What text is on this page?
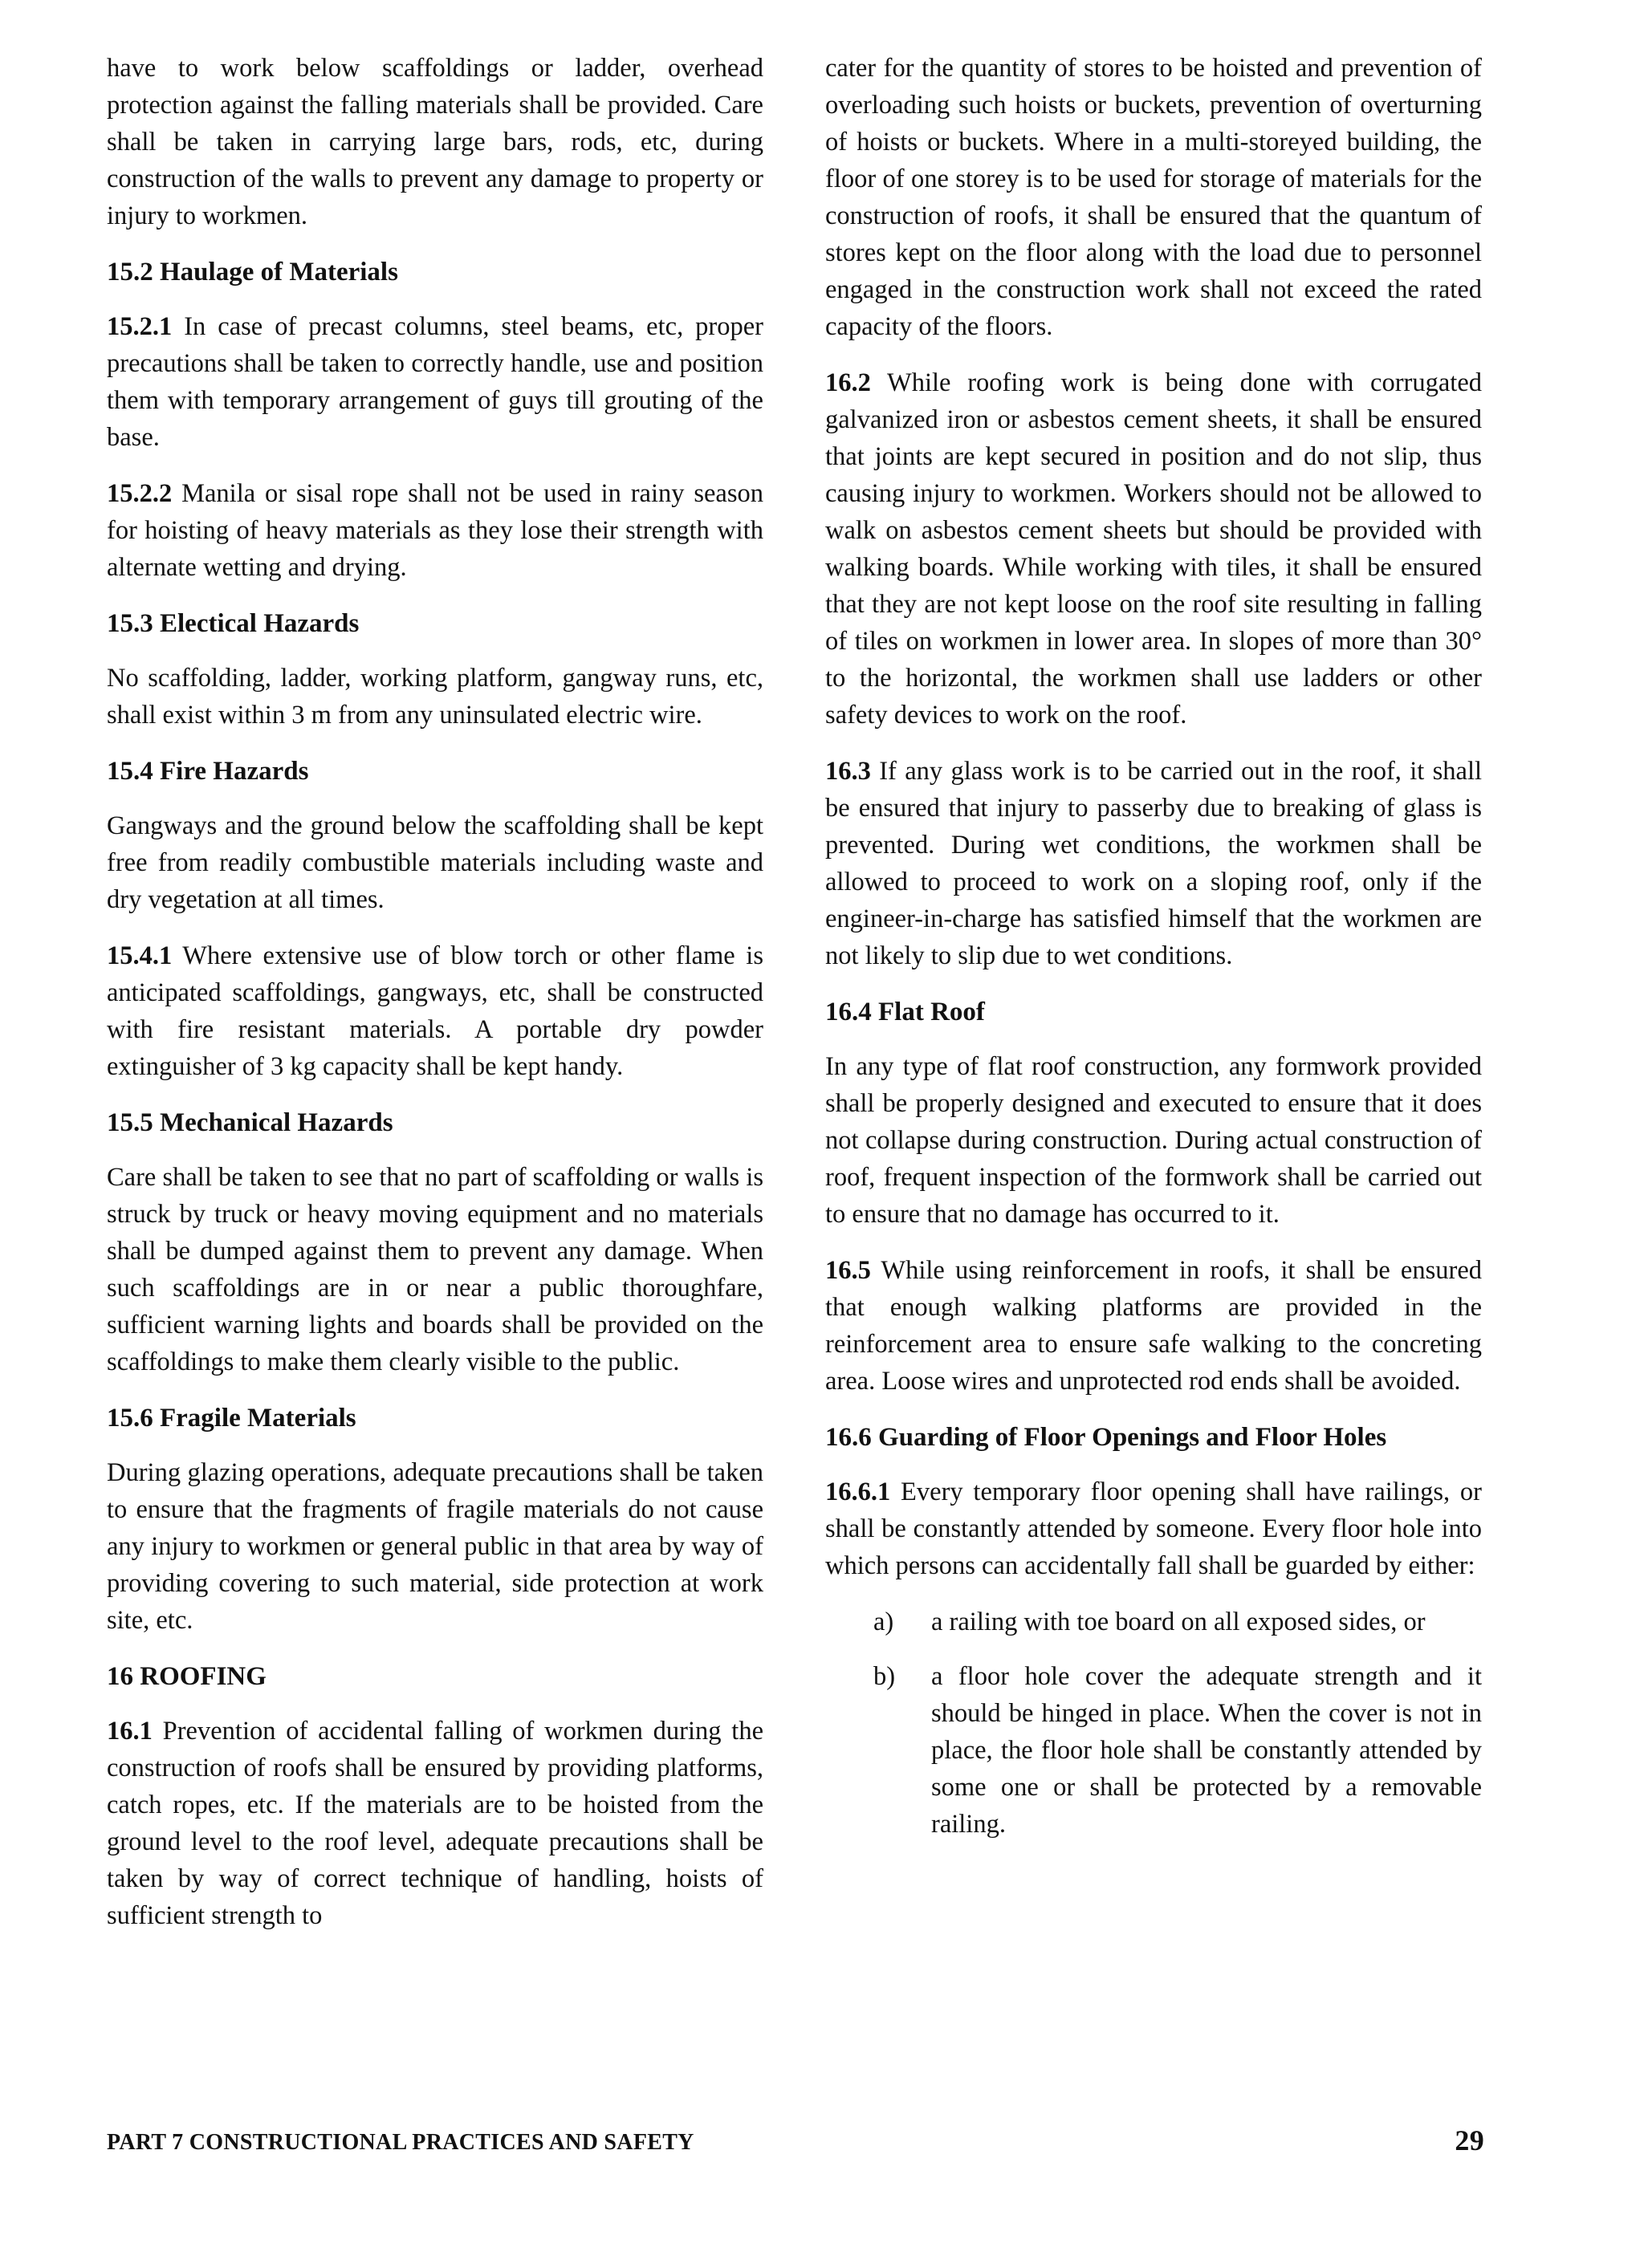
have to work below scaffoldings or ladder, overhead protection against the falling materials shall be provided. Care shall be taken in carrying large bars, rods, etc, during construction of the walls to prevent any damage to property or injury to workmen.

15.2 Haulage of Materials

15.2.1 In case of precast columns, steel beams, etc, proper precautions shall be taken to correctly handle, use and position them with temporary arrangement of guys till grouting of the base.

15.2.2 Manila or sisal rope shall not be used in rainy season for hoisting of heavy materials as they lose their strength with alternate wetting and drying.

15.3 Electical Hazards

No scaffolding, ladder, working platform, gangway runs, etc, shall exist within 3 m from any uninsulated electric wire.

15.4 Fire Hazards

Gangways and the ground below the scaffolding shall be kept free from readily combustible materials including waste and dry vegetation at all times.

15.4.1 Where extensive use of blow torch or other flame is anticipated scaffoldings, gangways, etc, shall be constructed with fire resistant materials. A portable dry powder extinguisher of 3 kg capacity shall be kept handy.

15.5 Mechanical Hazards

Care shall be taken to see that no part of scaffolding or walls is struck by truck or heavy moving equipment and no materials shall be dumped against them to prevent any damage. When such scaffoldings are in or near a public thoroughfare, sufficient warning lights and boards shall be provided on the scaffoldings to make them clearly visible to the public.

15.6 Fragile Materials

During glazing operations, adequate precautions shall be taken to ensure that the fragments of fragile materials do not cause any injury to workmen or general public in that area by way of providing covering to such material, side protection at work site, etc.

16 ROOFING

16.1 Prevention of accidental falling of workmen during the construction of roofs shall be ensured by providing platforms, catch ropes, etc. If the materials are to be hoisted from the ground level to the roof level, adequate precautions shall be taken by way of correct technique of handling, hoists of sufficient strength to

cater for the quantity of stores to be hoisted and prevention of overloading such hoists or buckets, prevention of overturning of hoists or buckets. Where in a multi-storeyed building, the floor of one storey is to be used for storage of materials for the construction of roofs, it shall be ensured that the quantum of stores kept on the floor along with the load due to personnel engaged in the construction work shall not exceed the rated capacity of the floors.

16.2 While roofing work is being done with corrugated galvanized iron or asbestos cement sheets, it shall be ensured that joints are kept secured in position and do not slip, thus causing injury to workmen. Workers should not be allowed to walk on asbestos cement sheets but should be provided with walking boards. While working with tiles, it shall be ensured that they are not kept loose on the roof site resulting in falling of tiles on workmen in lower area. In slopes of more than 30° to the horizontal, the workmen shall use ladders or other safety devices to work on the roof.

16.3 If any glass work is to be carried out in the roof, it shall be ensured that injury to passerby due to breaking of glass is prevented. During wet conditions, the workmen shall be allowed to proceed to work on a sloping roof, only if the engineer-in-charge has satisfied himself that the workmen are not likely to slip due to wet conditions.

16.4 Flat Roof

In any type of flat roof construction, any formwork provided shall be properly designed and executed to ensure that it does not collapse during construction. During actual construction of roof, frequent inspection of the formwork shall be carried out to ensure that no damage has occurred to it.

16.5 While using reinforcement in roofs, it shall be ensured that enough walking platforms are provided in the reinforcement area to ensure safe walking to the concreting area. Loose wires and unprotected rod ends shall be avoided.

16.6 Guarding of Floor Openings and Floor Holes

16.6.1 Every temporary floor opening shall have railings, or shall be constantly attended by someone. Every floor hole into which persons can accidentally fall shall be guarded by either:

a) a railing with toe board on all exposed sides, or
b) a floor hole cover the adequate strength and it should be hinged in place. When the cover is not in place, the floor hole shall be constantly attended by some one or shall be protected by a removable railing.
PART 7 CONSTRUCTIONAL PRACTICES AND SAFETY	29
